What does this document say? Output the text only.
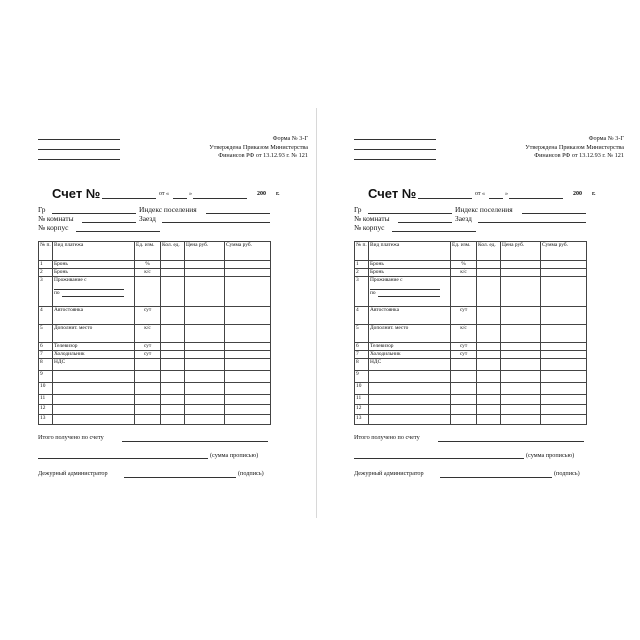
Форма № 3-Г
Утверждена Приказом Министерства
Финансов РФ от 13.12.93 г. № 121
Счет №	от «	»	200 г.
Гр	Индекс поселения
№ комнаты	Заезд
№ корпус
№ п.	Вид платежа	Ед. изм.	Кол. ед.	Цена руб.	Сумма руб.
1	Бронь	%			
2	Бронь	к/с			
3	Проживание с
по

4	Автостоянка	сут			
5	Дополнит. место	к/с			
6	Телевизор	сут			
7	Холодильник	сут			
8	НДС				
9					
10					
11					
12					
13					
Итого получено по счету
(сумма прописью)
Дежурный администратор	(подпись)
Форма № 3-Г
Утверждена Приказом Министерства
Финансов РФ от 13.12.93 г. № 121
Счет №	от «	»	200 г.
Гр	Индекс поселения
№ комнаты	Заезд
№ корпус
№ п.	Вид платежа	Ед. изм.	Кол. ед.	Цена руб.	Сумма руб.
1	Бронь	%			
2	Бронь	к/с			
3	Проживание с
по

4	Автостоянка	сут			
5	Дополнит. место	к/с			
6	Телевизор	сут			
7	Холодильник	сут			
8	НДС				
9					
10					
11					
12					
13					
Итого получено по счету
(сумма прописью)
Дежурный администратор	(подпись)
